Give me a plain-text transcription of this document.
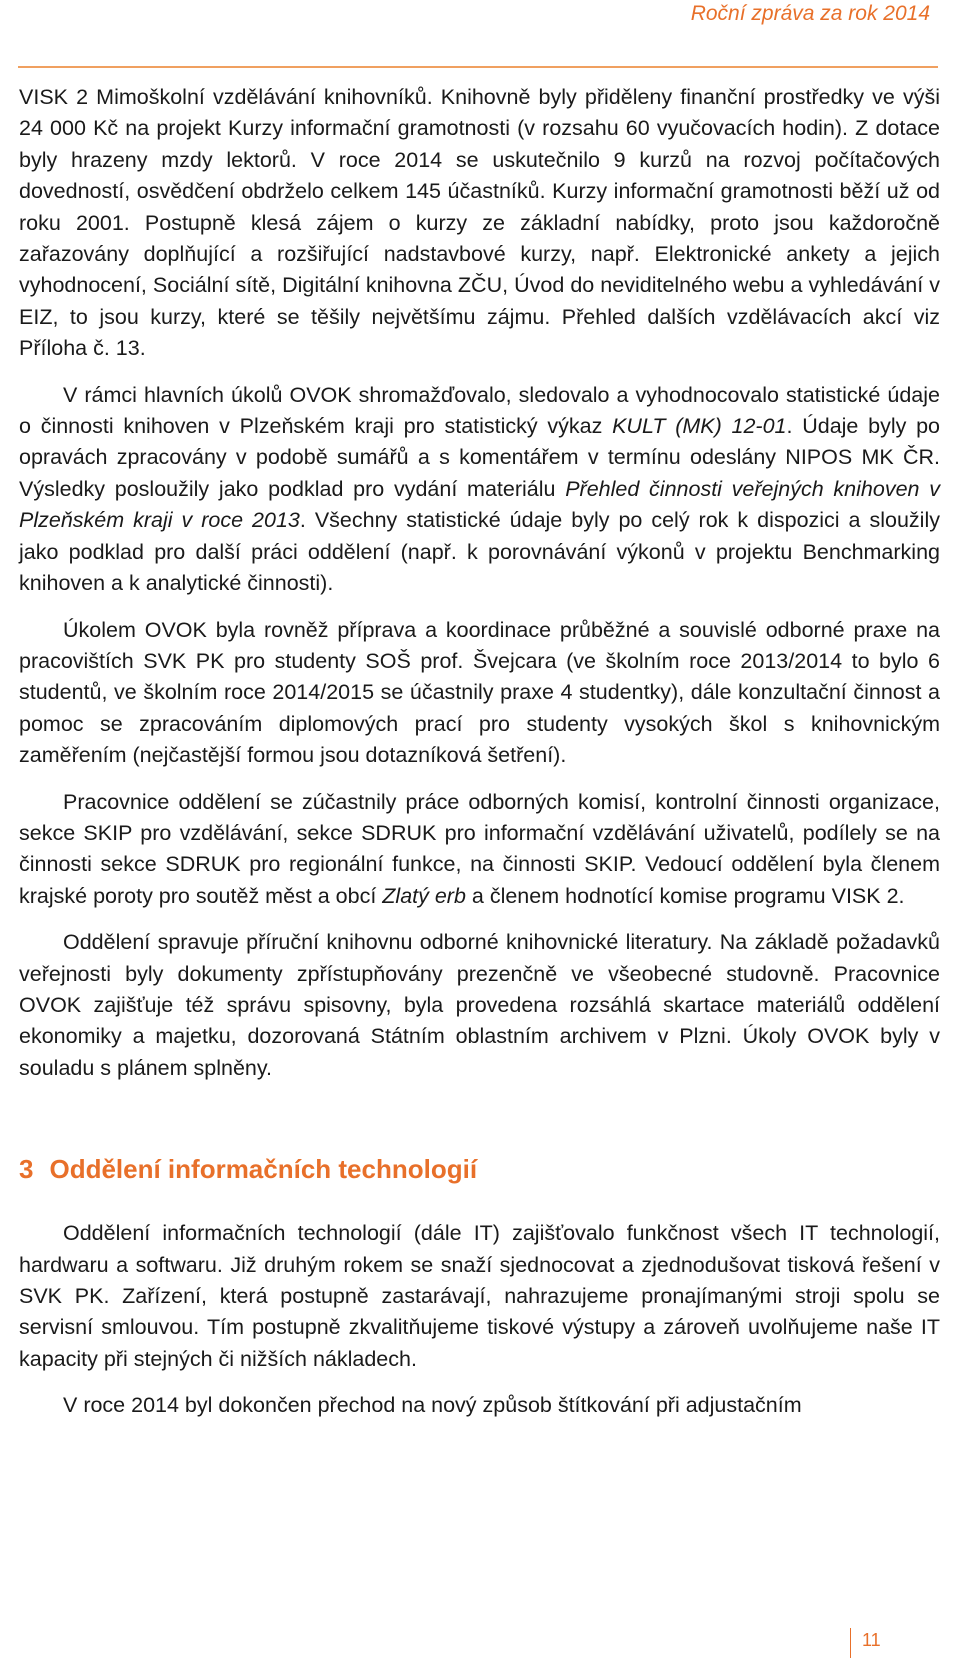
Roční zpráva za rok 2014

VISK 2 Mimoškolní vzdělávání knihovníků. Knihovně byly přiděleny finanční prostředky ve výši 24 000 Kč na projekt Kurzy informační gramotnosti (v rozsahu 60 vyučovacích hodin). Z dotace byly hrazeny mzdy lektorů. V roce 2014 se uskutečnilo 9 kurzů na rozvoj počítačových dovedností, osvědčení obdrželo celkem 145 účastníků. Kurzy informační gramotnosti běží už od roku 2001. Postupně klesá zájem o kurzy ze základní nabídky, proto jsou každoročně zařazovány doplňující a rozšiřující nadstavbové kurzy, např. Elektronické ankety a jejich vyhodnocení, Sociální sítě, Digitální knihovna ZČU, Úvod do neviditelného webu a vyhledávání v EIZ, to jsou kurzy, které se těšily největšímu zájmu. Přehled dalších vzdělávacích akcí viz Příloha č. 13.

V rámci hlavních úkolů OVOK shromažďovalo, sledovalo a vyhodnocovalo statistické údaje o činnosti knihoven v Plzeňském kraji pro statistický výkaz KULT (MK) 12-01. Údaje byly po opravách zpracovány v podobě sumářů a s komentářem v termínu odeslány NIPOS MK ČR. Výsledky posloužily jako podklad pro vydání materiálu Přehled činnosti veřejných knihoven v Plzeňském kraji v roce 2013. Všechny statistické údaje byly po celý rok k dispozici a sloužily jako podklad pro další práci oddělení (např. k porovnávání výkonů v projektu Benchmarking knihoven a k analytické činnosti).

Úkolem OVOK byla rovněž příprava a koordinace průběžné a souvislé odborné praxe na pracovištích SVK PK pro studenty SOŠ prof. Švejcara (ve školním roce 2013/2014 to bylo 6 studentů, ve školním roce 2014/2015 se účastnily praxe 4 studentky), dále konzultační činnost a pomoc se zpracováním diplomových prací pro studenty vysokých škol s knihovnickým zaměřením (nejčastější formou jsou dotazníková šetření).

Pracovnice oddělení se zúčastnily práce odborných komisí, kontrolní činnosti organizace, sekce SKIP pro vzdělávání, sekce SDRUK pro informační vzdělávání uživatelů, podílely se na činnosti sekce SDRUK pro regionální funkce, na činnosti SKIP. Vedoucí oddělení byla členem krajské poroty pro soutěž měst a obcí Zlatý erb a členem hodnotící komise programu VISK 2.

Oddělení spravuje příruční knihovnu odborné knihovnické literatury. Na základě požadavků veřejnosti byly dokumenty zpřístupňovány prezenčně ve všeobecné studovně. Pracovnice OVOK zajišťuje též správu spisovny, byla provedena rozsáhlá skartace materiálů oddělení ekonomiky a majetku, dozorovaná Státním oblastním archivem v Plzni. Úkoly OVOK byly v souladu s plánem splněny.

3 Oddělení informačních technologií

Oddělení informačních technologií (dále IT) zajišťovalo funkčnost všech IT technologií, hardwaru a softwaru. Již druhým rokem se snaží sjednocovat a zjednodušovat tisková řešení v SVK PK. Zařízení, která postupně zastarávají, nahrazujeme pronajímanými stroji spolu se servisní smlouvou. Tím postupně zkvalitňujeme tiskové výstupy a zároveň uvolňujeme naše IT kapacity při stejných či nižších nákladech.

V roce 2014 byl dokončen přechod na nový způsob štítkování při adjustačním

11
